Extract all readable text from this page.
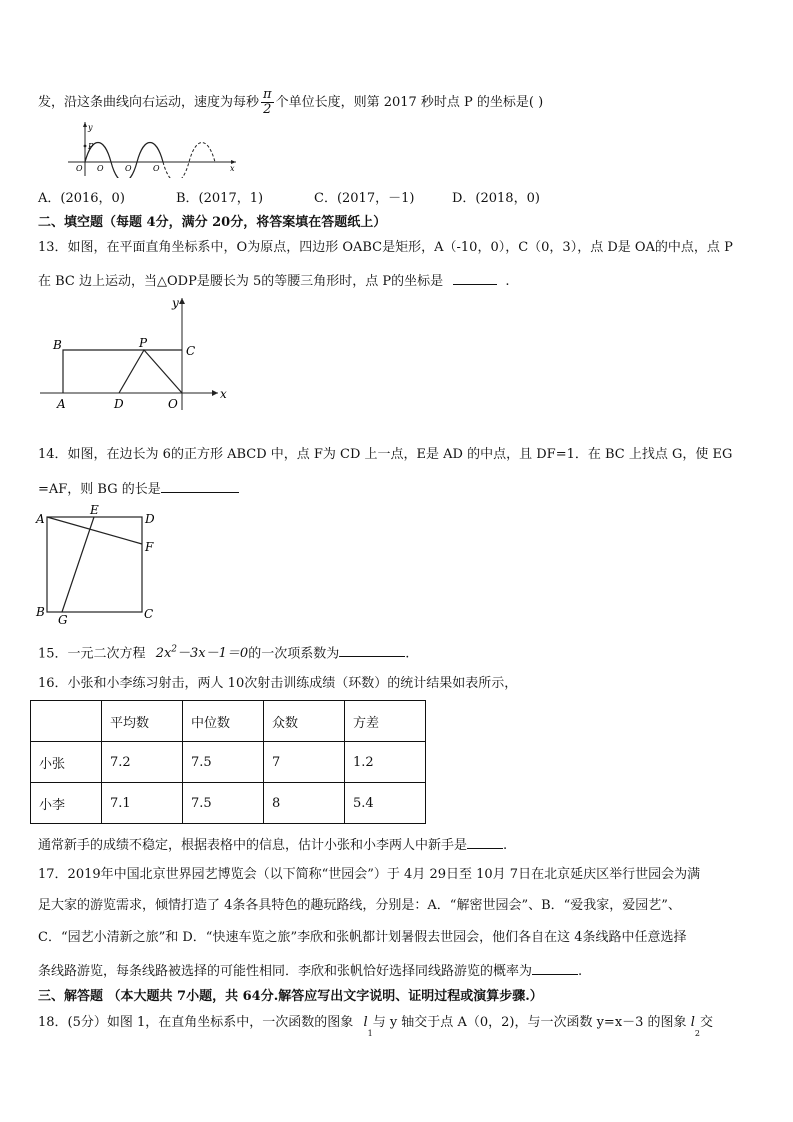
发，沿这条曲线向右运动，速度为每秒 $\frac{\pi}{2}$ 个单位长度，则第 2017 秒时点 P 的坐标是( )
y
P
O O	O	O	x
A．(2016，0)	B．(2017，1)	C．(2017，－1)	D．(2018，0)
二、填空题（每题 4分，满分 20分，将答案填在答题纸上）
13．如图，在平面直角坐标系中，O为原点，四边形 OABC是矩形，A（-10，0），C（0，3），点 D是 OA的中点，点 P
在 BC 边上运动，当△ODP是腰长为 5的等腰三角形时，点 P的坐标是	.
y
x
B	P
C
A	D	O
14．如图，在边长为 6的正方形 ABCD 中，点 F为 CD 上一点，E是 AD 的中点，且 DF=1．在 BC 上找点 G，使 EG
=AF，则 BG 的长是
A
E
D
F
B
G	C
15．一元二次方程 $2x^2-3x-1=0$的一次项系数为	.
16．小张和小李练习射击，两人 10次射击训练成绩（环数）的统计结果如表所示，
	平均数	中位数	众数	方差
小张	7.2	7.5	7	1.2
小李	7.1	7.5	8	5.4
通常新手的成绩不稳定，根据表格中的信息，估计小张和小李两人中新手是	.
17．2019年中国北京世界园艺博览会（以下简称“世园会”）于 4月 29日至 10月 7日在北京延庆区举行世园会为满
足大家的游览需求，倾情打造了 4条各具特色的趣玩路线，分别是：A．“解密世园会”、B．“爱我家，爱园艺”、
C．“园艺小清新之旅”和 D．“快速车览之旅”李欣和张帆都计划暑假去世园会，他们各自在这 4条线路中任意选择
条线路游览，每条线路被选择的可能性相同．李欣和张帆恰好选择同线路游览的概率为	.
三、解答题 （本大题共 7小题，共 64分.解答应写出文字说明、证明过程或演算步骤.）
18．(5分）如图 1，在直角坐标系中，一次函数的图象 $l_1$与 y 轴交于点 A（0，2)，与一次函数 y=x－3 的图象 $l_2$交
